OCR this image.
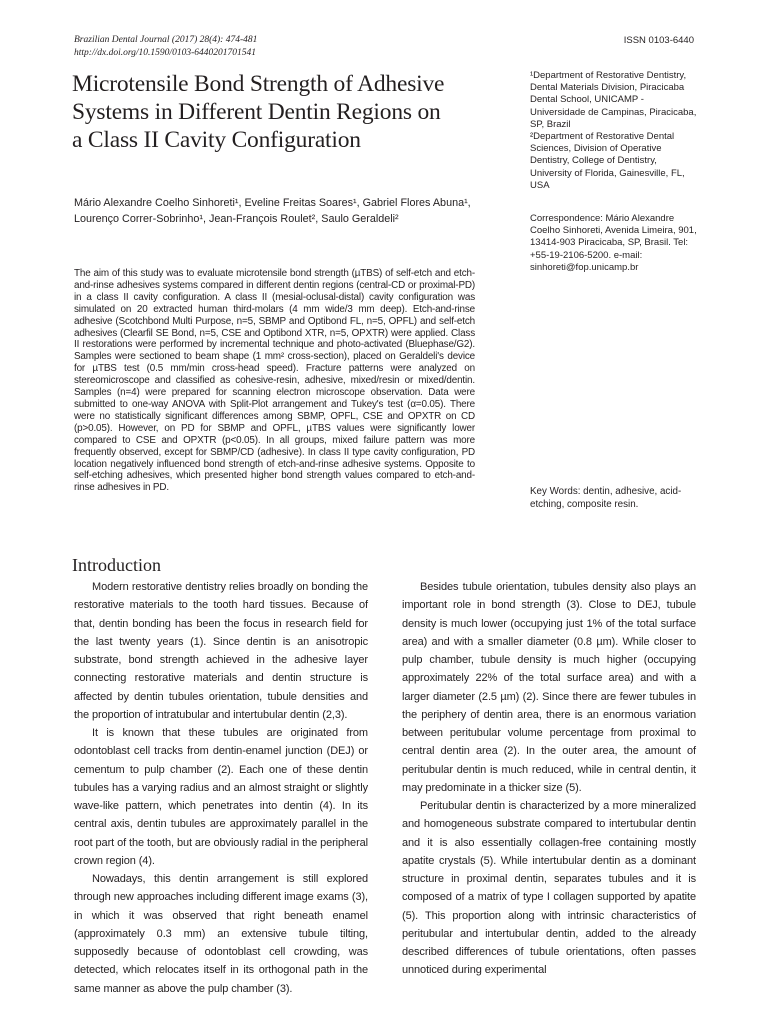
Brazilian Dental Journal (2017) 28(4): 474-481
http://dx.doi.org/10.1590/0103-6440201701541
ISSN 0103-6440
Microtensile Bond Strength of Adhesive Systems in Different Dentin Regions on a Class II Cavity Configuration
Mário Alexandre Coelho Sinhoreti¹, Eveline Freitas Soares¹, Gabriel Flores Abuna¹, Lourenço Correr-Sobrinho¹, Jean-François Roulet², Saulo Geraldeli²

¹Department of Restorative Dentistry, Dental Materials Division, Piracicaba Dental School, UNICAMP - Universidade de Campinas, Piracicaba, SP, Brazil

²Department of Restorative Dental Sciences, Division of Operative Dentistry, College of Dentistry, University of Florida, Gainesville, FL, USA

Correspondence: Mário Alexandre Coelho Sinhoreti, Avenida Limeira, 901, 13414-903 Piracicaba, SP, Brasil. Tel: +55-19-2106-5200. e-mail: sinhoreti@fop.unicamp.br

The aim of this study was to evaluate microtensile bond strength (µTBS) of self-etch and etch-and-rinse adhesives systems compared in different dentin regions (central-CD or proximal-PD) in a class II cavity configuration. A class II (mesial-oclusal-distal) cavity configuration was simulated on 20 extracted human third-molars (4 mm wide/3 mm deep). Etch-and-rinse adhesive (Scotchbond Multi Purpose, n=5, SBMP and Optibond FL, n=5, OPFL) and self-etch adhesives (Clearfil SE Bond, n=5, CSE and Optibond XTR, n=5, OPXTR) were applied. Class II restorations were performed by incremental technique and photo-activated (Bluephase/G2). Samples were sectioned to beam shape (1 mm² cross-section), placed on Geraldeli's device for µTBS test (0.5 mm/min cross-head speed). Fracture patterns were analyzed on stereomicroscope and classified as cohesive-resin, adhesive, mixed/resin or mixed/dentin. Samples (n=4) were prepared for scanning electron microscope observation. Data were submitted to one-way ANOVA with Split-Plot arrangement and Tukey's test (α=0.05). There were no statistically significant differences among SBMP, OPFL, CSE and OPXTR on CD (p>0.05). However, on PD for SBMP and OPFL, µTBS values were significantly lower compared to CSE and OPXTR (p<0.05). In all groups, mixed failure pattern was more frequently observed, except for SBMP/CD (adhesive). In class II type cavity configuration, PD location negatively influenced bond strength of etch-and-rinse adhesive systems. Opposite to self-etching adhesives, which presented higher bond strength values compared to etch-and-rinse adhesives in PD.	Key Words: dentin, adhesive, acid-etching, composite resin.
Introduction

Modern restorative dentistry relies broadly on bonding the restorative materials to the tooth hard tissues. Because of that, dentin bonding has been the focus in research field for the last twenty years (1). Since dentin is an anisotropic substrate, bond strength achieved in the adhesive layer connecting restorative materials and dentin structure is affected by dentin tubules orientation, tubule densities and the proportion of intratubular and intertubular dentin (2,3).

It is known that these tubules are originated from odontoblast cell tracks from dentin-enamel junction (DEJ) or cementum to pulp chamber (2). Each one of these dentin tubules has a varying radius and an almost straight or slightly wave-like pattern, which penetrates into dentin (4). In its central axis, dentin tubules are approximately parallel in the root part of the tooth, but are obviously radial in the peripheral crown region (4).

Nowadays, this dentin arrangement is still explored through new approaches including different image exams (3), in which it was observed that right beneath enamel (approximately 0.3 mm) an extensive tubule tilting, supposedly because of odontoblast cell crowding, was detected, which relocates itself in its orthogonal path in the same manner as above the pulp chamber (3).

Besides tubule orientation, tubules density also plays an important role in bond strength (3). Close to DEJ, tubule density is much lower (occupying just 1% of the total surface area) and with a smaller diameter (0.8 µm). While closer to pulp chamber, tubule density is much higher (occupying approximately 22% of the total surface area) and with a larger diameter (2.5 µm) (2). Since there are fewer tubules in the periphery of dentin area, there is an enormous variation between peritubular volume percentage from proximal to central dentin area (2). In the outer area, the amount of peritubular dentin is much reduced, while in central dentin, it may predominate in a thicker size (5).

Peritubular dentin is characterized by a more mineralized and homogeneous substrate compared to intertubular dentin and it is also essentially collagen-free containing mostly apatite crystals (5). While intertubular dentin as a dominant structure in proximal dentin, separates tubules and it is composed of a matrix of type I collagen supported by apatite (5). This proportion along with intrinsic characteristics of peritubular and intertubular dentin, added to the already described differences of tubule orientations, often passes unnoticed during experimental
